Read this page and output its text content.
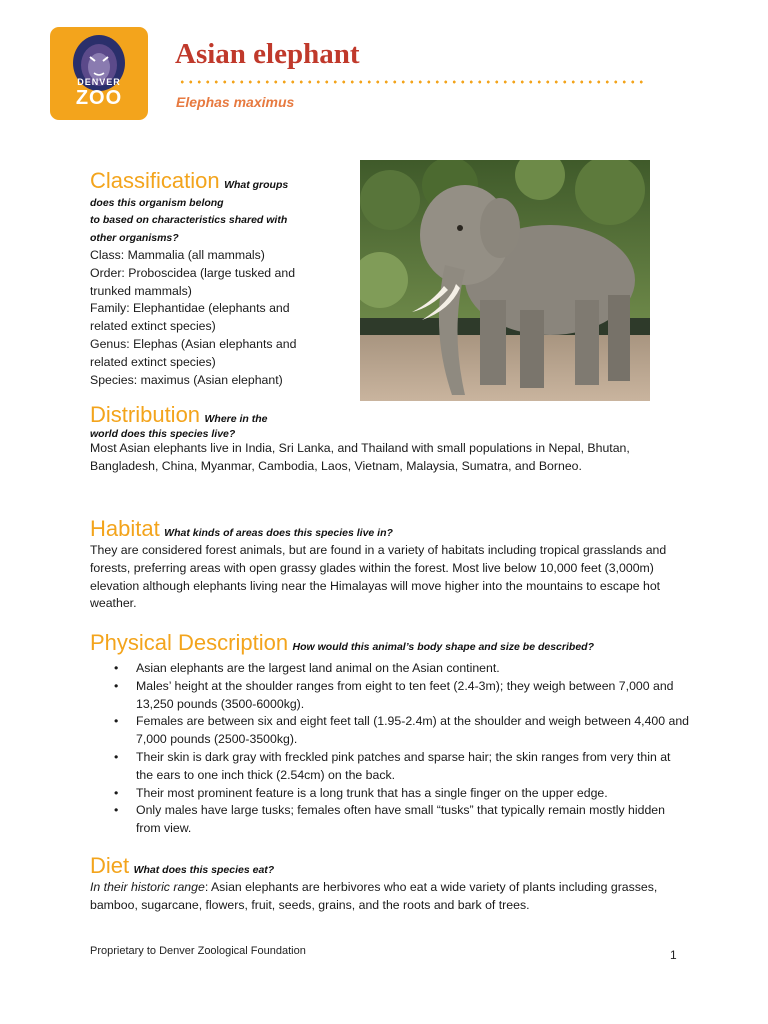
DENVER
ZOO
Asian elephant
Elephas maximus
Classification What groups
does this organism belong
to based on characteristics shared with
other organisms?
Class: Mammalia (all mammals)
Order: Proboscidea (large tusked and
trunked mammals)
Family: Elephantidae (elephants and
related extinct species)
Genus: Elephas (Asian elephants and
related extinct species)
Species: maximus (Asian elephant)
Distribution Where in the
world does this species live?
Most Asian elephants live in India, Sri Lanka, and Thailand with small populations in Nepal, Bhutan, Bangladesh, China, Myanmar, Cambodia, Laos, Vietnam, Malaysia, Sumatra, and Borneo.
Habitat What kinds of areas does this species live in?
They are considered forest animals, but are found in a variety of habitats including tropical grasslands and forests, preferring areas with open grassy glades within the forest. Most live below 10,000 feet (3,000m) elevation although elephants living near the Himalayas will move higher into the mountains to escape hot weather.
Physical Description How would this animal’s body shape and size be described?
• Asian elephants are the largest land animal on the Asian continent.
• Males’ height at the shoulder ranges from eight to ten feet (2.4-3m); they weigh between 7,000 and 13,250 pounds (3500-6000kg).
• Females are between six and eight feet tall (1.95-2.4m) at the shoulder and weigh between 4,400 and 7,000 pounds (2500-3500kg).
• Their skin is dark gray with freckled pink patches and sparse hair; the skin ranges from very thin at the ears to one inch thick (2.54cm) on the back.
• Their most prominent feature is a long trunk that has a single finger on the upper edge.
• Only males have large tusks; females often have small “tusks” that typically remain mostly hidden from view.
Diet What does this species eat?
In their historic range: Asian elephants are herbivores who eat a wide variety of plants including grasses, bamboo, sugarcane, flowers, fruit, seeds, grains, and the roots and bark of trees.
Proprietary to Denver Zoological Foundation	1
